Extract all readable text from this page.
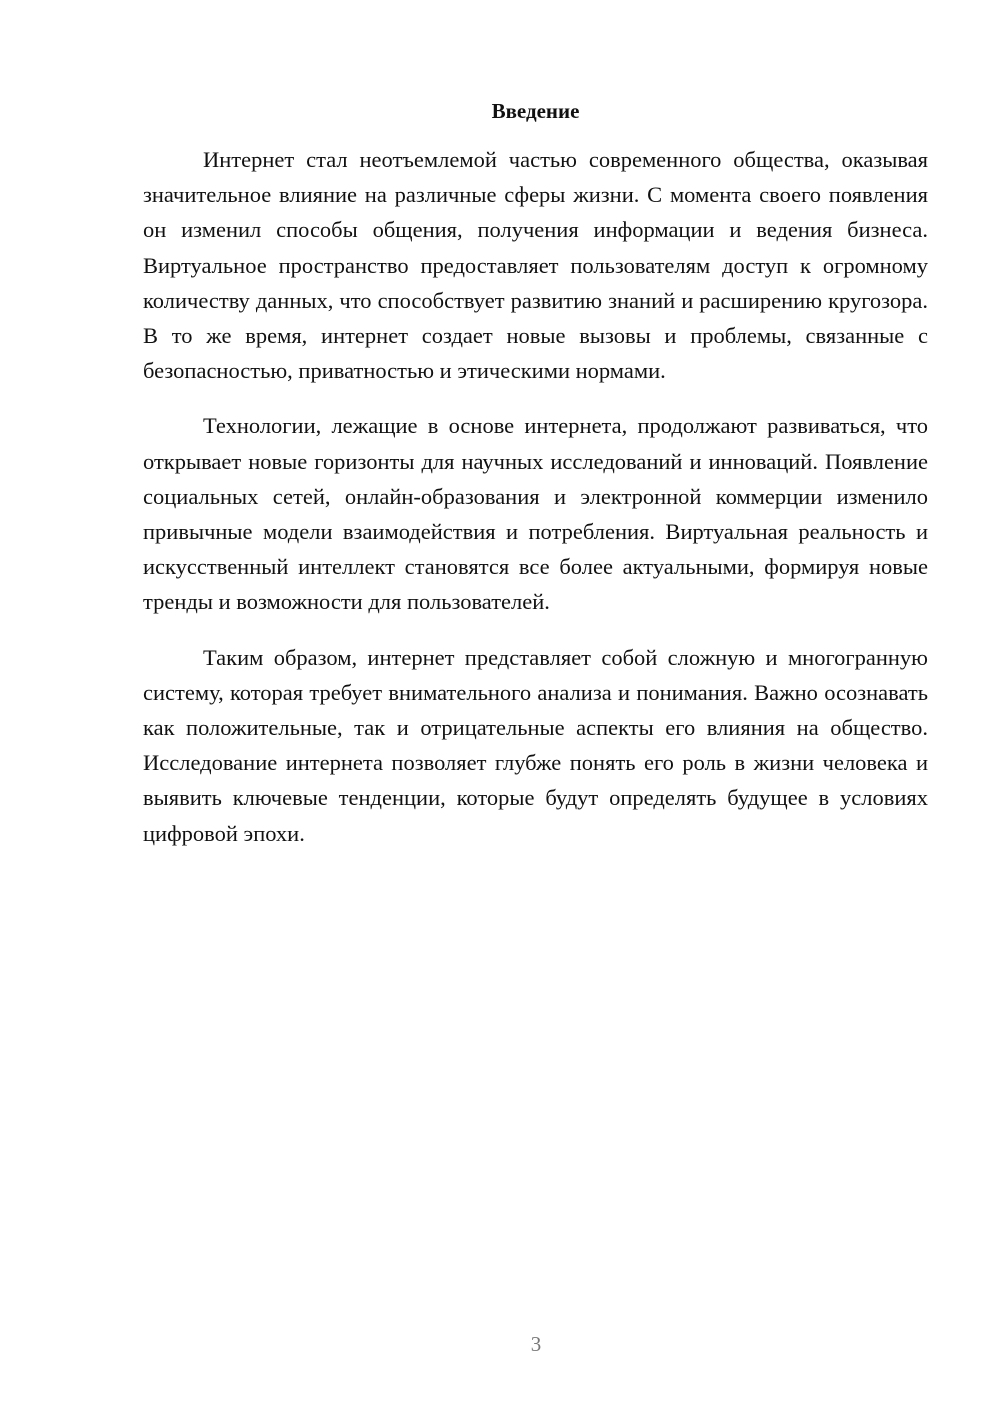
Введение

Интернет стал неотъемлемой частью современного общества, оказывая значительное влияние на различные сферы жизни. С момента своего появления он изменил способы общения, получения информации и ведения бизнеса. Виртуальное пространство предоставляет пользователям доступ к огромному количеству данных, что способствует развитию знаний и расширению кругозора. В то же время, интернет создает новые вызовы и проблемы, связанные с безопасностью, приватностью и этическими нормами.

Технологии, лежащие в основе интернета, продолжают развиваться, что открывает новые горизонты для научных исследований и инноваций. Появление социальных сетей, онлайн-образования и электронной коммерции изменило привычные модели взаимодействия и потребления. Виртуальная реальность и искусственный интеллект становятся все более актуальными, формируя новые тренды и возможности для пользователей.

Таким образом, интернет представляет собой сложную и многогранную систему, которая требует внимательного анализа и понимания. Важно осознавать как положительные, так и отрицательные аспекты его влияния на общество. Исследование интернета позволяет глубже понять его роль в жизни человека и выявить ключевые тенденции, которые будут определять будущее в условиях цифровой эпохи.

3
